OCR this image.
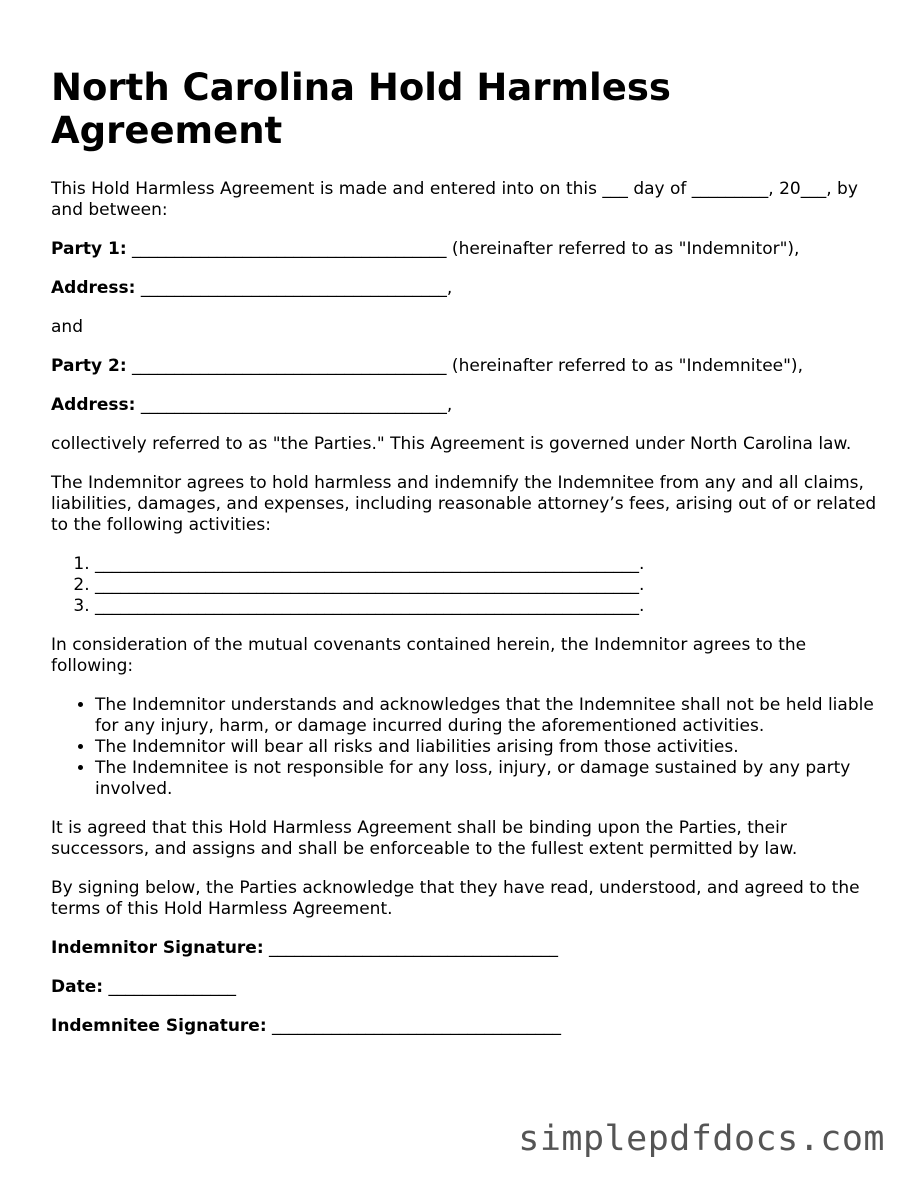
North Carolina Hold Harmless Agreement

This Hold Harmless Agreement is made and entered into on this ___ day of _________, 20___, by and between:

Party 1: _____________________________________ (hereinafter referred to as "Indemnitor"),

Address: ____________________________________,

and

Party 2: _____________________________________ (hereinafter referred to as "Indemnitee"),

Address: ____________________________________,

collectively referred to as "the Parties." This Agreement is governed under North Carolina law.

The Indemnitor agrees to hold harmless and indemnify the Indemnitee from any and all claims, liabilities, damages, and expenses, including reasonable attorney’s fees, arising out of or related to the following activities:

1. ________________________________________________________________.
2. ________________________________________________________________.
3. ________________________________________________________________.

In consideration of the mutual covenants contained herein, the Indemnitor agrees to the following:

• The Indemnitor understands and acknowledges that the Indemnitee shall not be held liable for any injury, harm, or damage incurred during the aforementioned activities.
• The Indemnitor will bear all risks and liabilities arising from those activities.
• The Indemnitee is not responsible for any loss, injury, or damage sustained by any party involved.

It is agreed that this Hold Harmless Agreement shall be binding upon the Parties, their successors, and assigns and shall be enforceable to the fullest extent permitted by law.

By signing below, the Parties acknowledge that they have read, understood, and agreed to the terms of this Hold Harmless Agreement.

Indemnitor Signature: __________________________________

Date: _______________

Indemnitee Signature: __________________________________

simplepdfdocs.com
